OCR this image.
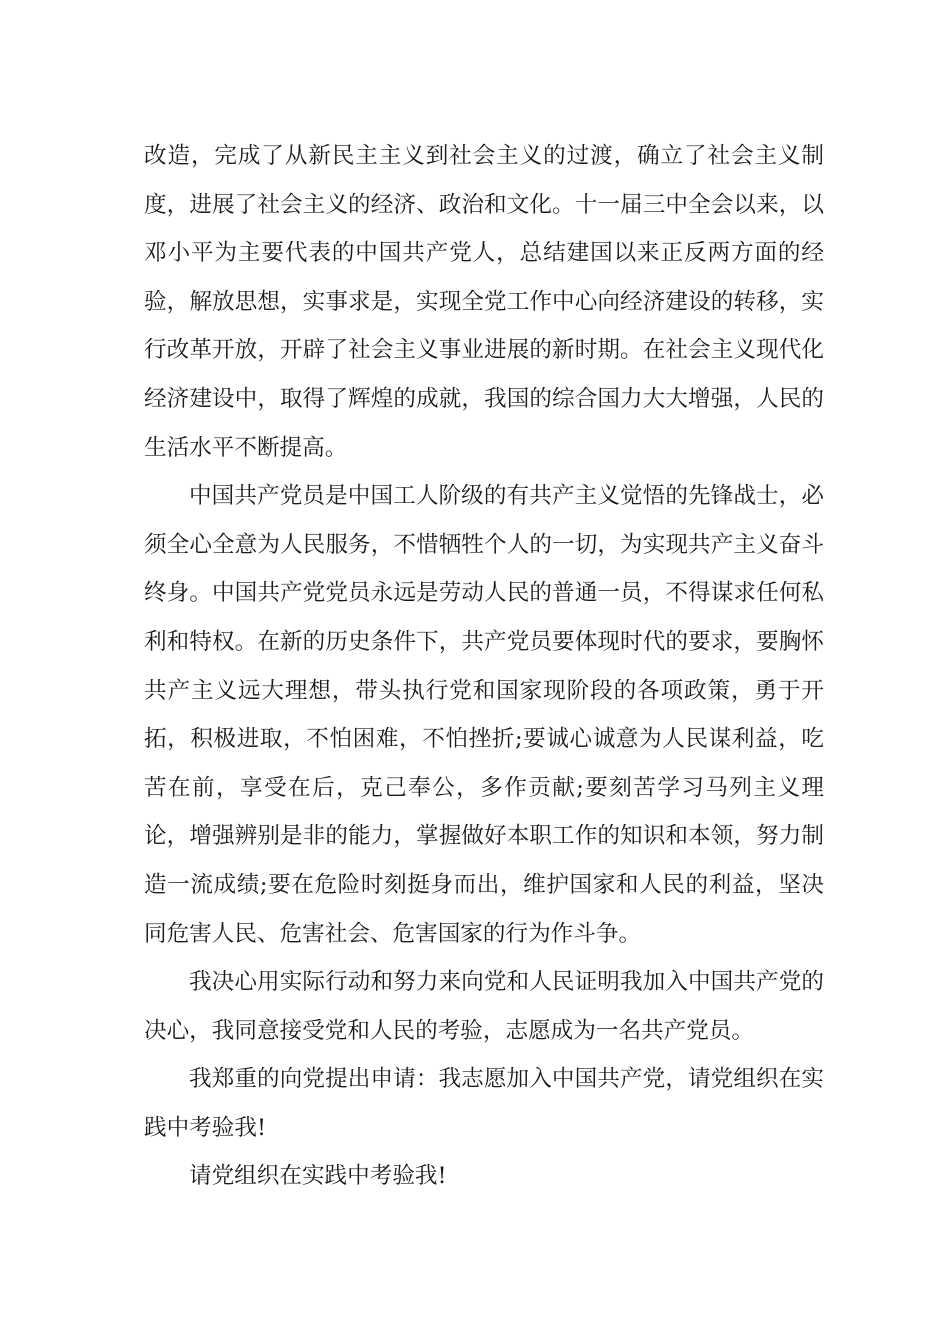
改造，完成了从新民主主义到社会主义的过渡，确立了社会主义制度，进展了社会主义的经济、政治和文化。十一届三中全会以来，以邓小平为主要代表的中国共产党人，总结建国以来正反两方面的经验，解放思想，实事求是，实现全党工作中心向经济建设的转移，实行改革开放，开辟了社会主义事业进展的新时期。在社会主义现代化经济建设中，取得了辉煌的成就，我国的综合国力大大增强，人民的生活水平不断提高。

中国共产党员是中国工人阶级的有共产主义觉悟的先锋战士，必须全心全意为人民服务，不惜牺牲个人的一切，为实现共产主义奋斗终身。中国共产党党员永远是劳动人民的普通一员，不得谋求任何私利和特权。在新的历史条件下，共产党员要体现时代的要求，要胸怀共产主义远大理想，带头执行党和国家现阶段的各项政策，勇于开拓，积极进取，不怕困难，不怕挫折;要诚心诚意为人民谋利益，吃苦在前，享受在后，克己奉公，多作贡献;要刻苦学习马列主义理论，增强辨别是非的能力，掌握做好本职工作的知识和本领，努力制造一流成绩;要在危险时刻挺身而出，维护国家和人民的利益，坚决同危害人民、危害社会、危害国家的行为作斗争。

我决心用实际行动和努力来向党和人民证明我加入中国共产党的决心，我同意接受党和人民的考验，志愿成为一名共产党员。

我郑重的向党提出申请：我志愿加入中国共产党，请党组织在实践中考验我!

请党组织在实践中考验我!
